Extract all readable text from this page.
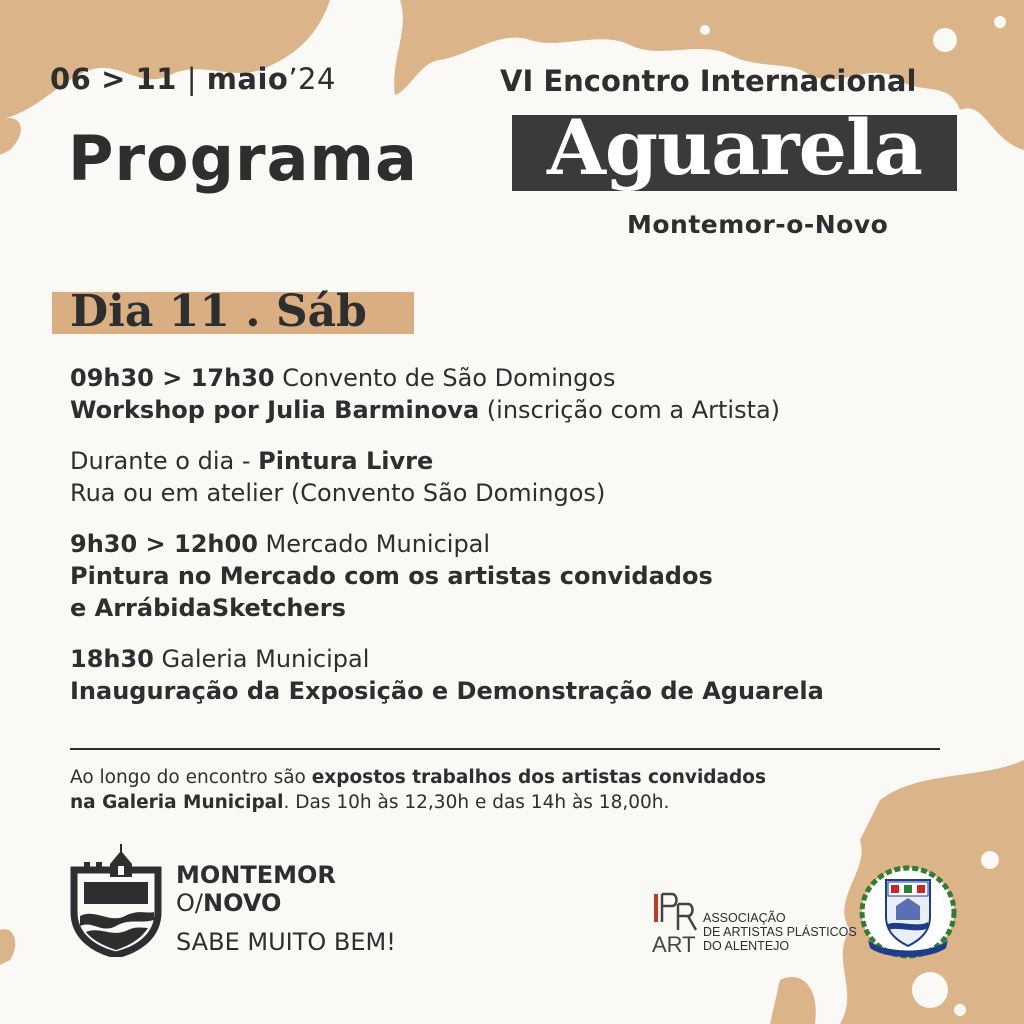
06 > 11 | maio’24
Programa
VI Encontro Internacional
Aguarela
Montemor-o-Novo
Dia 11 . Sáb

09h30 > 17h30 Convento de São Domingos
Workshop por Julia Barminova (inscrição com a Artista)

Durante o dia - Pintura Livre
Rua ou em atelier (Convento São Domingos)

9h30 > 12h00 Mercado Municipal
Pintura no Mercado com os artistas convidados
e ArrábidaSketchers

18h30 Galeria Municipal
Inauguração da Exposição e Demonstração de Aguarela

Ao longo do encontro são expostos trabalhos dos artistas convidados
na Galeria Municipal. Das 10h às 12,30h e das 14h às 18,00h.
MONTEMOR
O/NOVO
SABE MUITO BEM!	ART
ASSOCIAÇÃO
DE ARTISTAS PLÁSTICOS
DO ALENTEJO
